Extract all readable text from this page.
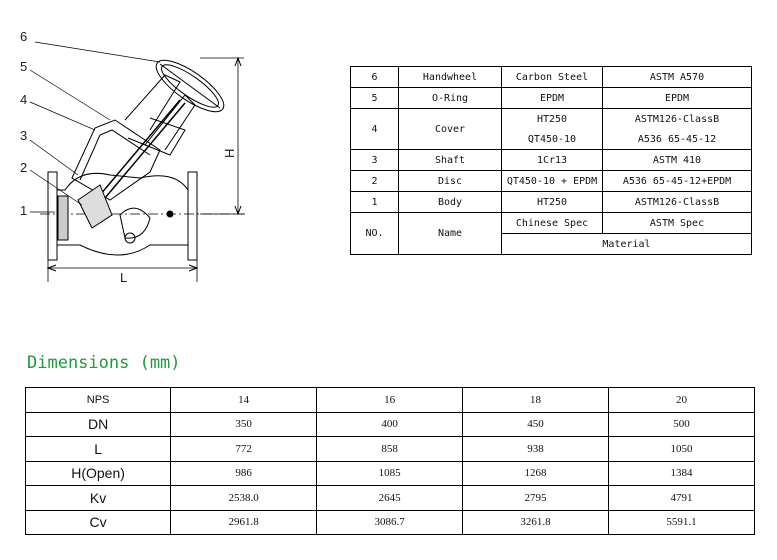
6
5
4
3
2
1
H
L
6	Handwheel	Carbon Steel	ASTM A570
5	O-Ring	EPDM	EPDM
4	Cover	HT250	ASTM126-ClassB
		QT450-10	A536 65-45-12
3	Shaft	1Cr13	ASTM 410
2	Disc	QT450-10 + EPDM	A536 65-45-12+EPDM
1	Body	HT250	ASTM126-ClassB
NO.	Name	Chinese Spec	ASTM Spec
		Material	
Dimensions (mm)
NPS	14	16	18	20
DN	350	400	450	500
L	772	858	938	1050
H(Open)	986	1085	1268	1384
Kv	2538.0	2645	2795	4791
Cv	2961.8	3086.7	3261.8	5591.1
